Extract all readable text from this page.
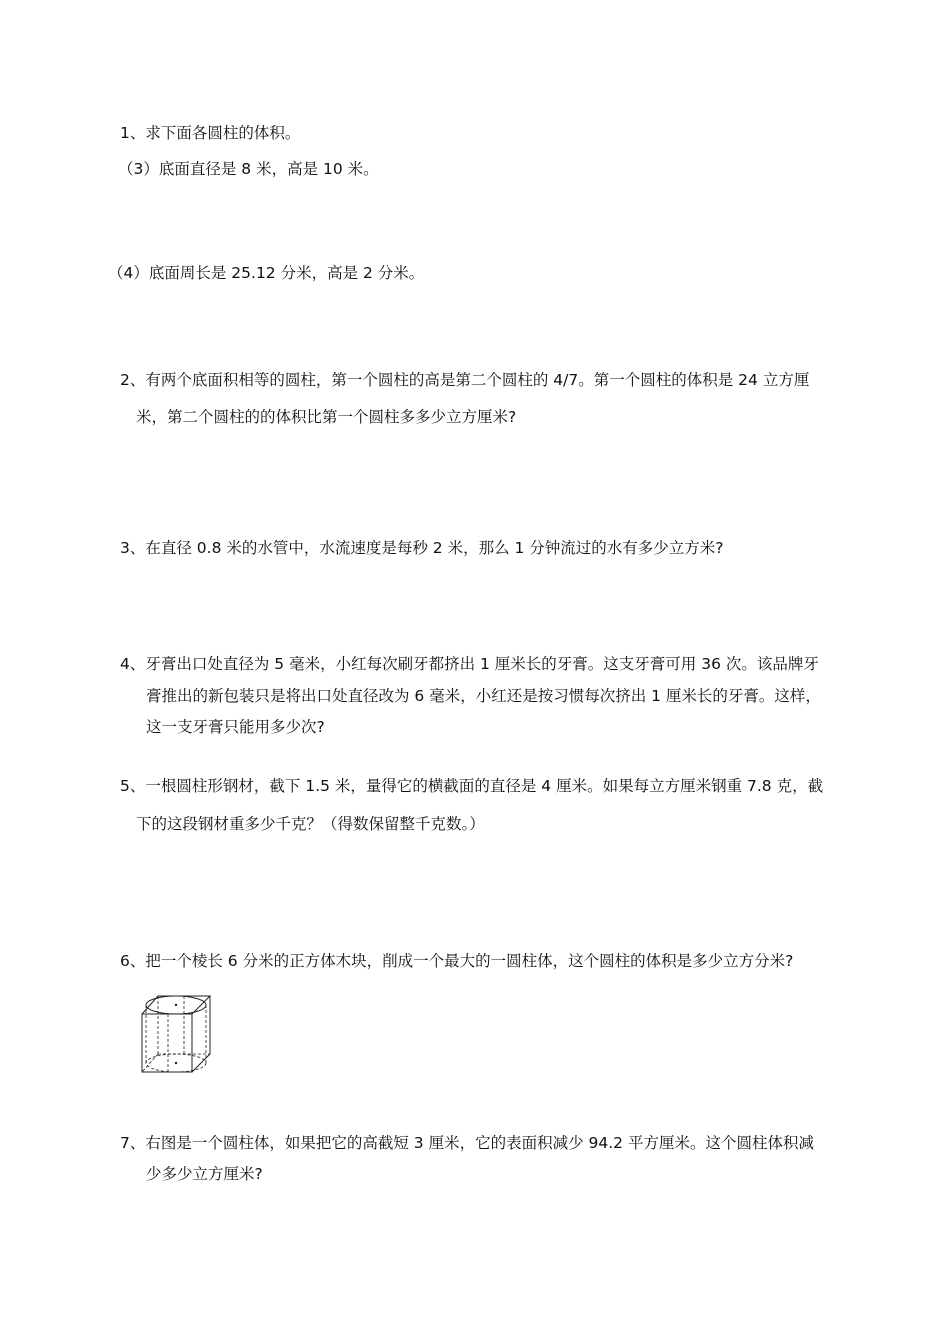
1、求下面各圆柱的体积。
（3）底面直径是 8 米，高是 10 米。
（4）底面周长是 25.12 分米，高是 2 分米。
2、有两个底面积相等的圆柱，第一个圆柱的高是第二个圆柱的 4/7。第一个圆柱的体积是 24 立方厘
米，第二个圆柱的的体积比第一个圆柱多多少立方厘米?
3、在直径 0.8 米的水管中，水流速度是每秒 2 米，那么 1 分钟流过的水有多少立方米?
4、牙膏出口处直径为 5 毫米，小红每次刷牙都挤出 1 厘米长的牙膏。这支牙膏可用 36 次。该品牌牙
膏推出的新包装只是将出口处直径改为 6 毫米，小红还是按习惯每次挤出 1 厘米长的牙膏。这样，
这一支牙膏只能用多少次?
5、一根圆柱形钢材，截下 1.5 米，量得它的横截面的直径是 4 厘米。如果每立方厘米钢重 7.8 克，截
下的这段钢材重多少千克？（得数保留整千克数。）
6、把一个棱长 6 分米的正方体木块，削成一个最大的一圆柱体，这个圆柱的体积是多少立方分米?
7、右图是一个圆柱体，如果把它的高截短 3 厘米，它的表面积减少 94.2 平方厘米。这个圆柱体积减
少多少立方厘米?
